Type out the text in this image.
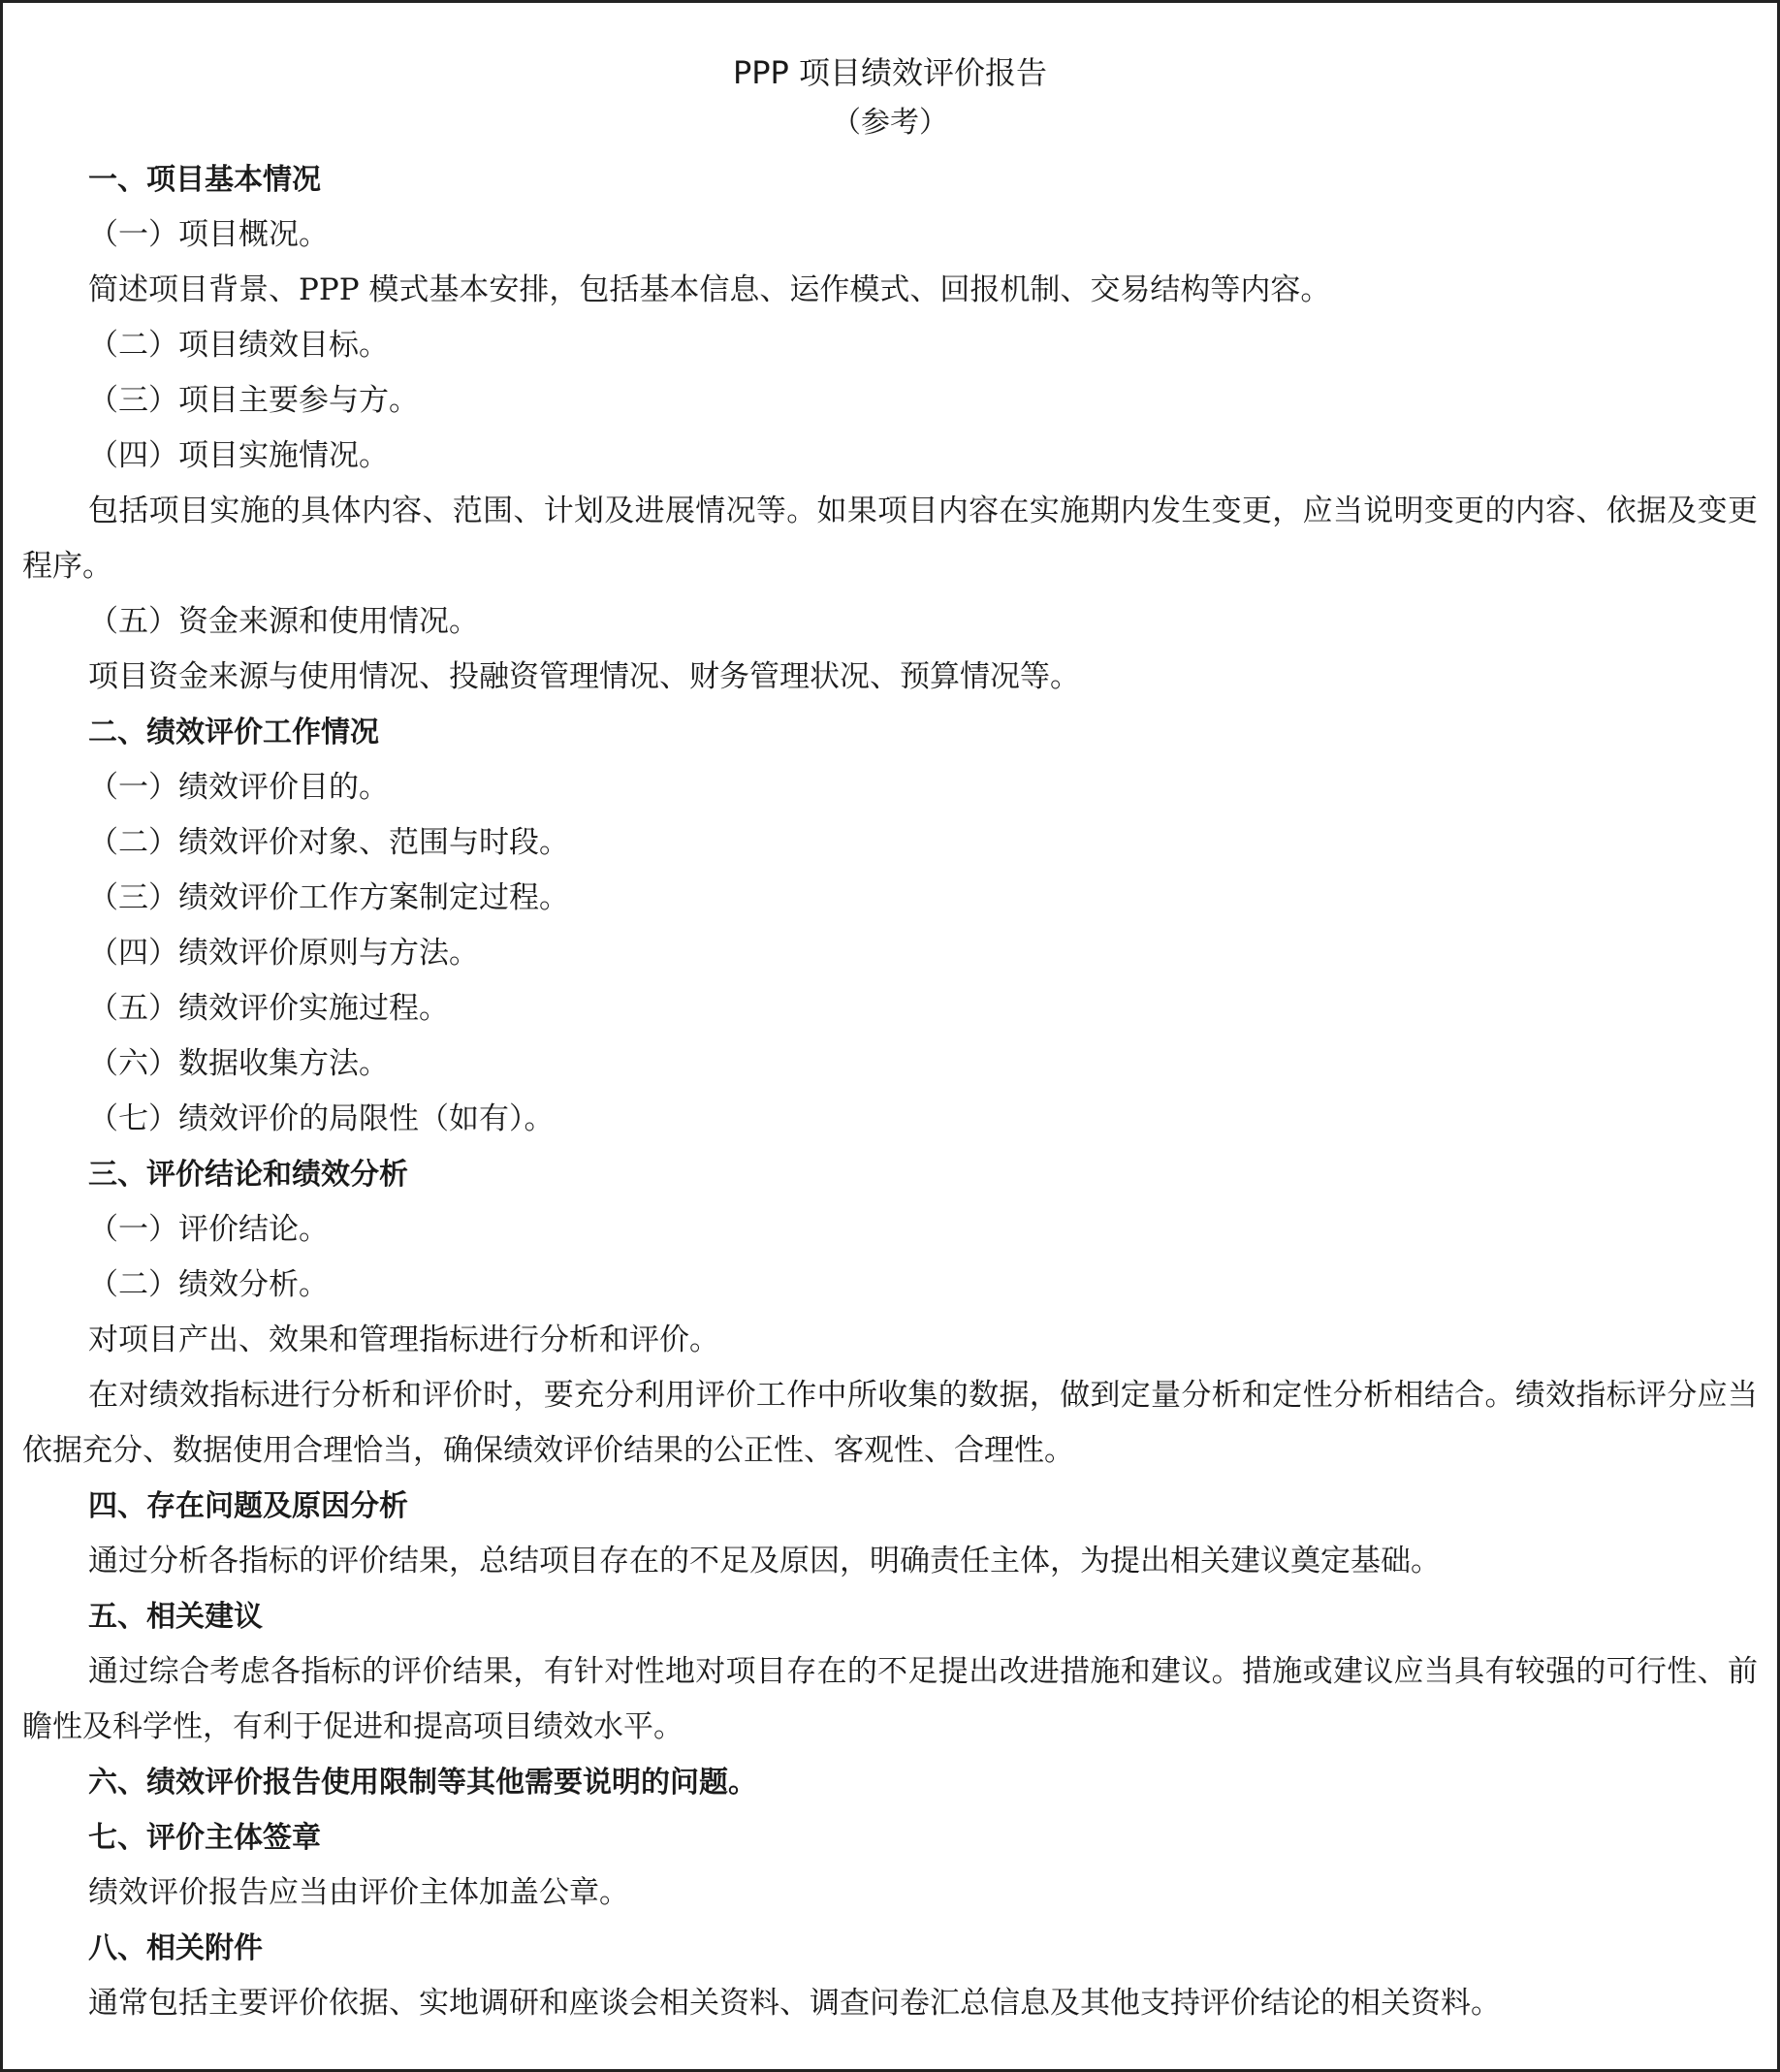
PPP 项目绩效评价报告
（参考）
一、项目基本情况
（一）项目概况。
简述项目背景、PPP 模式基本安排，包括基本信息、运作模式、回报机制、交易结构等内容。
（二）项目绩效目标。
（三）项目主要参与方。
（四）项目实施情况。
包括项目实施的具体内容、范围、计划及进展情况等。如果项目内容在实施期内发生变更，应当说明变更的内容、依据及变更程序。
（五）资金来源和使用情况。
项目资金来源与使用情况、投融资管理情况、财务管理状况、预算情况等。
二、绩效评价工作情况
（一）绩效评价目的。
（二）绩效评价对象、范围与时段。
（三）绩效评价工作方案制定过程。
（四）绩效评价原则与方法。
（五）绩效评价实施过程。
（六）数据收集方法。
（七）绩效评价的局限性（如有）。
三、评价结论和绩效分析
（一）评价结论。
（二）绩效分析。
对项目产出、效果和管理指标进行分析和评价。
在对绩效指标进行分析和评价时，要充分利用评价工作中所收集的数据，做到定量分析和定性分析相结合。绩效指标评分应当依据充分、数据使用合理恰当，确保绩效评价结果的公正性、客观性、合理性。
四、存在问题及原因分析
通过分析各指标的评价结果，总结项目存在的不足及原因，明确责任主体，为提出相关建议奠定基础。
五、相关建议
通过综合考虑各指标的评价结果，有针对性地对项目存在的不足提出改进措施和建议。措施或建议应当具有较强的可行性、前瞻性及科学性，有利于促进和提高项目绩效水平。
六、绩效评价报告使用限制等其他需要说明的问题。
七、评价主体签章
绩效评价报告应当由评价主体加盖公章。
八、相关附件
通常包括主要评价依据、实地调研和座谈会相关资料、调查问卷汇总信息及其他支持评价结论的相关资料。
